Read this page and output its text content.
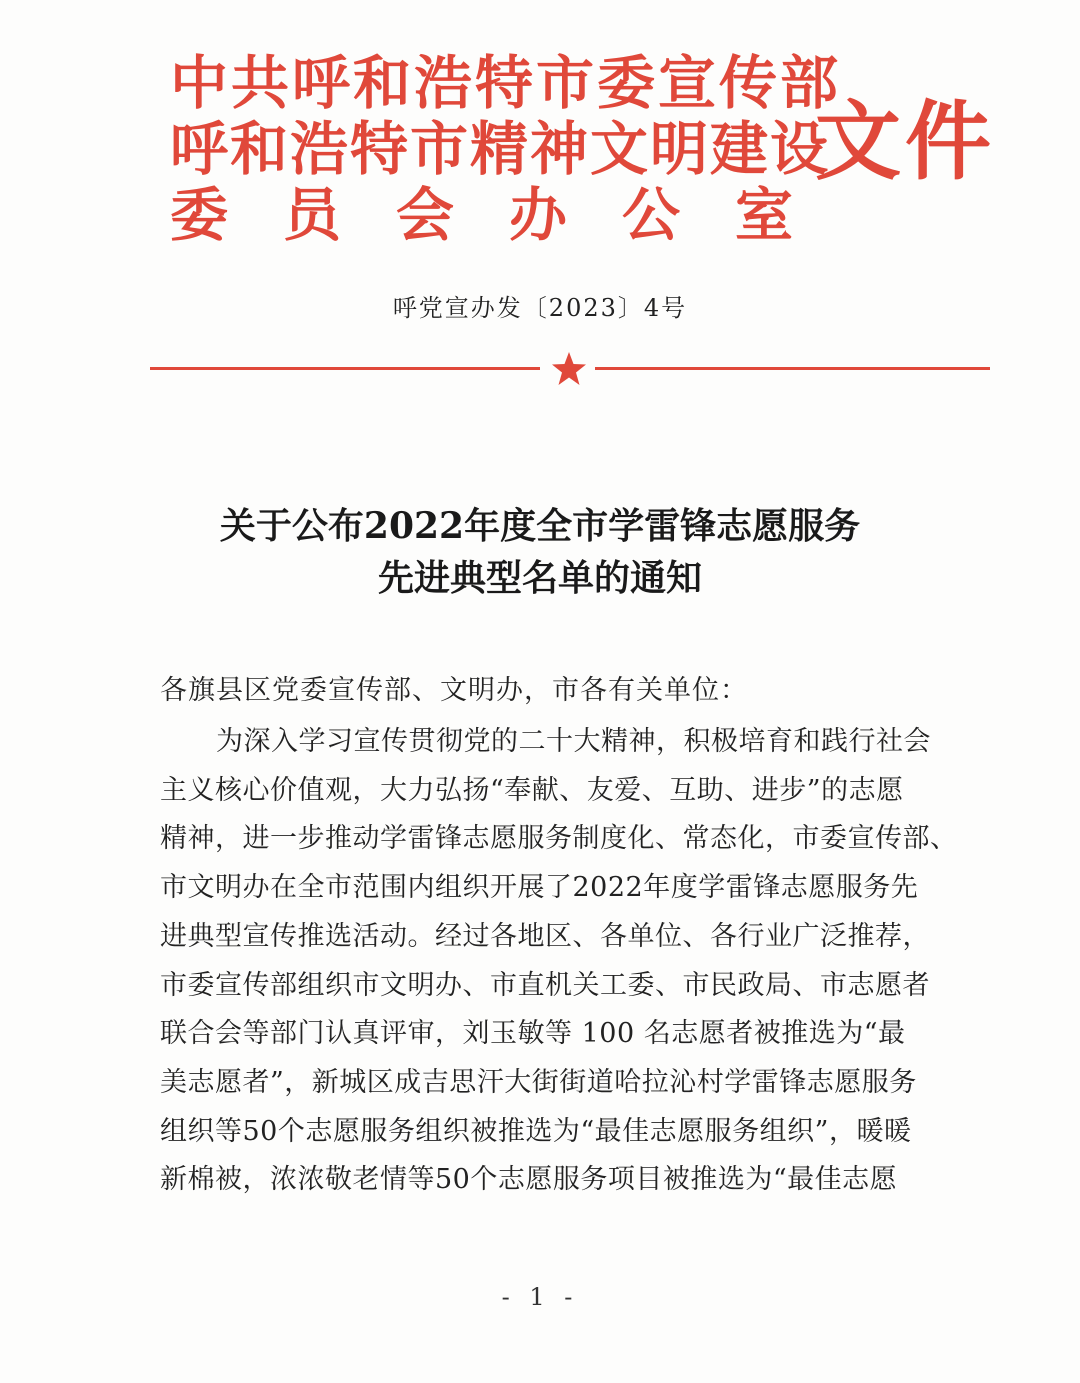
中共呼和浩特市委宣传部
呼和浩特市精神文明建设
委员会办公室
文件
呼党宣办发〔2023〕4号
关于公布2022年度全市学雷锋志愿服务
先进典型名单的通知
各旗县区党委宣传部、文明办，市各有关单位：
为深入学习宣传贯彻党的二十大精神，积极培育和践行社会
主义核心价值观，大力弘扬“奉献、友爱、互助、进步”的志愿
精神，进一步推动学雷锋志愿服务制度化、常态化，市委宣传部、
市文明办在全市范围内组织开展了2022年度学雷锋志愿服务先
进典型宣传推选活动。经过各地区、各单位、各行业广泛推荐，
市委宣传部组织市文明办、市直机关工委、市民政局、市志愿者
联合会等部门认真评审，刘玉敏等 100 名志愿者被推选为“最
美志愿者”，新城区成吉思汗大街街道哈拉沁村学雷锋志愿服务
组织等50个志愿服务组织被推选为“最佳志愿服务组织”，暖暖
新棉被，浓浓敬老情等50个志愿服务项目被推选为“最佳志愿
- 1 -
